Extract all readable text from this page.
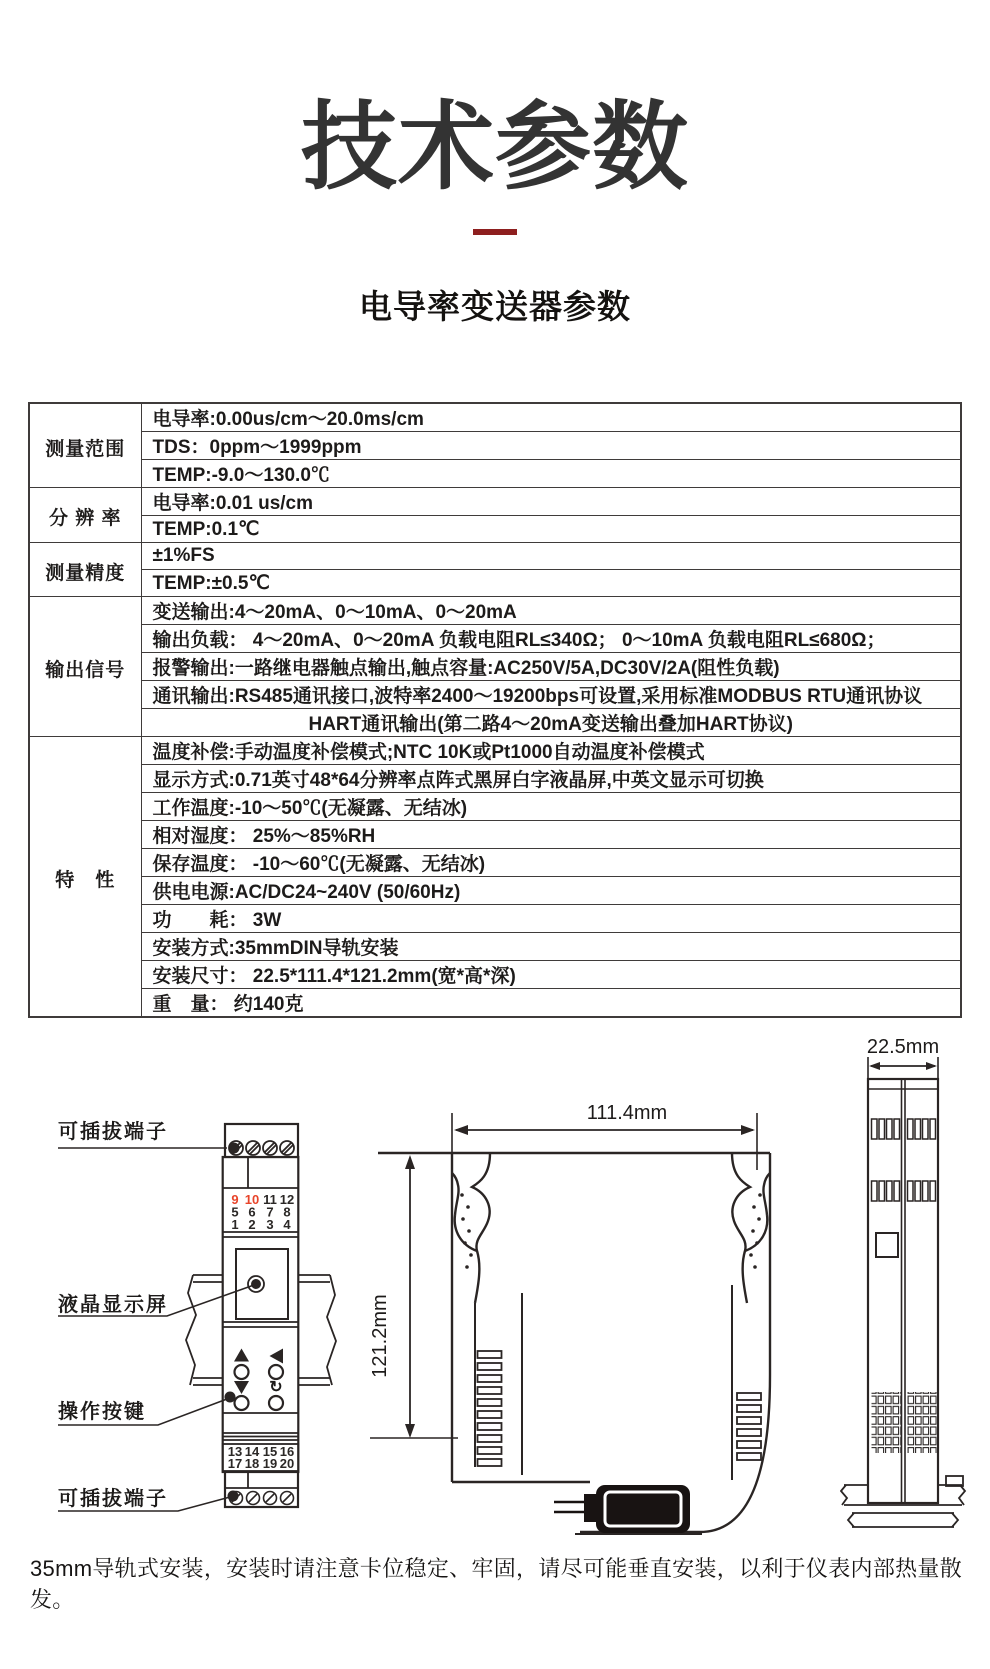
技术参数
电导率变送器参数
测量范围	电导率:0.00us/cm～20.0ms/cm
	TDS：0ppm～1999ppm
	TEMP:-9.0～130.0℃
分 辨 率	电导率:0.01 us/cm
	TEMP:0.1℃
测量精度	±1%FS
	TEMP:±0.5℃
输出信号	变送输出:4～20mA、0～10mA、0～20mA
	输出负载： 4～20mA、0～20mA 负载电阻RL≤340Ω； 0～10mA 负载电阻RL≤680Ω；
	报警输出:一路继电器触点输出,触点容量:AC250V/5A,DC30V/2A(阻性负载)
	通讯输出:RS485通讯接口,波特率2400～19200bps可设置,采用标准MODBUS RTU通讯协议
	HART通讯输出(第二路4～20mA变送输出叠加HART协议)
特　性	温度补偿:手动温度补偿模式;NTC 10K或Pt1000自动温度补偿模式
	显示方式:0.71英寸48*64分辨率点阵式黑屏白字液晶屏,中英文显示可切换
	工作温度:-10～50℃(无凝露、无结冰)
	相对湿度： 25%～85%RH
	保存温度： -10～60℃(无凝露、无结冰)
	供电电源:AC/DC24~240V (50/60Hz)
	功　　耗： 3W
	安装方式:35mmDIN导轨安装
	安装尺寸： 22.5*111.4*121.2mm(宽*高*深)
	重　量： 约140克
9 10 11 12
5 6 7 8
1 2 3 4
↻
13 14 15 16
17 18 19 20
可插拔端子
液晶显示屏
操作按键
可插拔端子
111.4mm
121.2mm
22.5mm

35mm导轨式安装，安装时请注意卡位稳定、牢固，请尽可能垂直安装，以利于仪表内部热量散发。
